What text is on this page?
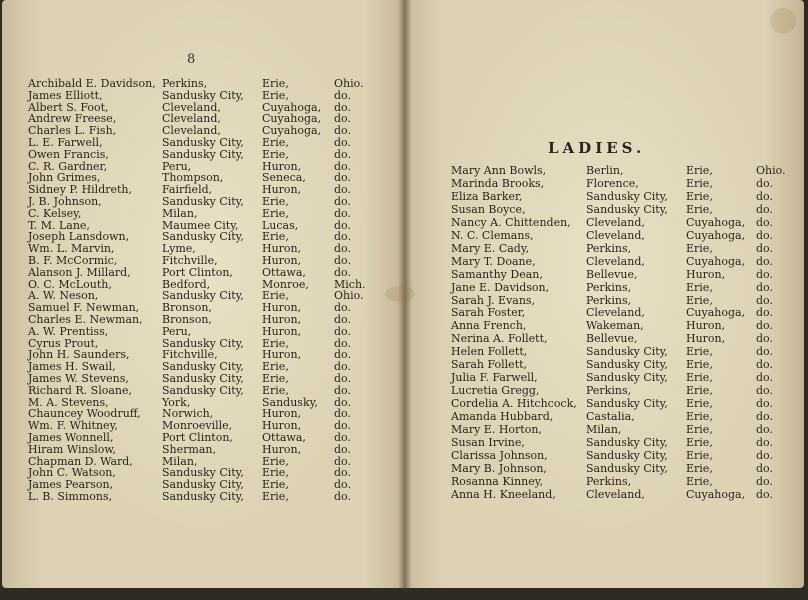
8
LADIES.
Archibald E. Davidson, Perkins,	Erie,	Ohio.
James Elliott,	Sandusky City, Erie,	do.
Albert S. Foot,	Cleveland,	Cuyahoga, do.
Andrew Freese,	Cleveland,	Cuyahoga, do.
Charles L. Fish,	Cleveland,	Cuyahoga, do.
L. E. Farwell,	Sandusky City, Erie,	do.
Owen Francis,	Sandusky City, Erie,	do.
C. R. Gardner,	Peru,	Huron,	do.
John Grimes,	Thompson,	Seneca,	do.
Sidney P. Hildreth,	Fairfield,	Huron,	do.
J. B. Johnson,	Sandusky City, Erie,	do.
C. Kelsey,	Milan,	Erie,	do.
T. M. Lane,	Maumee City, Lucas,	do.
Joseph Lansdown,	Sandusky City, Erie,	do.
Wm. L. Marvin,	Lyme,	Huron,	do.
B. F. McCormic,	Fitchville,	Huron,	do.
Alanson J. Millard,	Port Clinton,	Ottawa,	do.
O. C. McLouth,	Bedford,	Monroe, Mich.
A. W. Neson,	Sandusky City, Erie,	Ohio.
Samuel F. Newman, Bronson,	Huron,	do.
Charles E. Newman, Bronson,	Huron,	do.
A. W. Prentiss,	Peru,	Huron,	do.
Cyrus Prout,	Sandusky City, Erie,	do.
John H. Saunders,	Fitchville,	Huron,	do.
James H. Swail,	Sandusky City, Erie,	do.
James W. Stevens,	Sandusky City, Erie,	do.
Richard R. Sloane,	Sandusky City, Erie,	do.
M. A. Stevens,	York,	Sandusky, do.
Chauncey Woodruff, Norwich,	Huron,	do.
Wm. F. Whitney,	Monroeville,	Huron,	do.
James Wonnell,	Port Clinton,	Ottawa,	do.
Hiram Winslow,	Sherman,	Huron,	do.
Chapman D. Ward,	Milan,	Erie,	do.
John C. Watson,	Sandusky City, Erie,	do.
James Pearson,	Sandusky City, Erie,	do.
L. B. Simmons,	Sandusky City, Erie,	do.
Mary Ann Bowls,	Berlin,	Erie,	Ohio.
Marinda Brooks,	Florence,	Erie,	do.
Eliza Barker,	Sandusky City, Erie,	do.
Susan Boyce,	Sandusky City, Erie,	do.
Nancy A. Chittenden, Cleveland,	Cuyahoga, do.
N. C. Clemans,	Cleveland,	Cuyahoga, do.
Mary E. Cady,	Perkins,	Erie,	do.
Mary T. Doane,	Cleveland,	Cuyahoga, do.
Samanthy Dean,	Bellevue,	Huron,	do.
Jane E. Davidson,	Perkins,	Erie,	do.
Sarah J. Evans,	Perkins,	Erie,	do.
Sarah Foster,	Cleveland,	Cuyahoga, do.
Anna French,	Wakeman,	Huron,	do.
Nerina A. Follett,	Bellevue,	Huron,	do.
Helen Follett,	Sandusky City, Erie,	do.
Sarah Follett,	Sandusky City, Erie,	do.
Julia F. Farwell,	Sandusky City, Erie,	do.
Lucretia Gregg,	Perkins,	Erie,	do.
Cordelia A. Hitchcock, Sandusky City, Erie,	do.
Amanda Hubbard,	Castalia,	Erie,	do.
Mary E. Horton,	Milan,	Erie,	do.
Susan Irvine,	Sandusky City, Erie,	do.
Clarissa Johnson,	Sandusky City, Erie,	do.
Mary B. Johnson,	Sandusky City, Erie,	do.
Rosanna Kinney,	Perkins,	Erie,	do.
Anna H. Kneeland,	Cleveland,	Cuyahoga, do.
